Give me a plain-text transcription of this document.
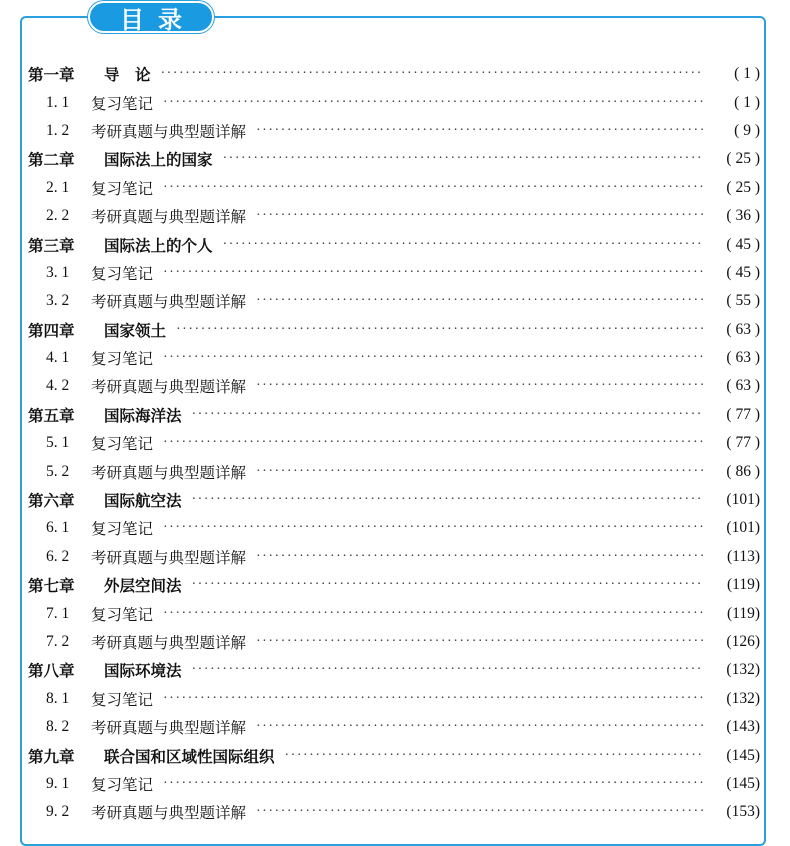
目录
第一章	导　论 ·····	( 1 )
1. 1	复习笔记 ·····	( 1 )
1. 2	考研真题与典型题详解 ·····	( 9 )
第二章	国际法上的国家 ·····	( 25 )
2. 1	复习笔记 ·····	( 25 )
2. 2	考研真题与典型题详解 ·····	( 36 )
第三章	国际法上的个人 ·····	( 45 )
3. 1	复习笔记 ·····	( 45 )
3. 2	考研真题与典型题详解 ·····	( 55 )
第四章	国家领土 ·····	( 63 )
4. 1	复习笔记 ·····	( 63 )
4. 2	考研真题与典型题详解 ·····	( 63 )
第五章	国际海洋法 ·····	( 77 )
5. 1	复习笔记 ·····	( 77 )
5. 2	考研真题与典型题详解 ·····	( 86 )
第六章	国际航空法 ·····	(101)
6. 1	复习笔记 ·····	(101)
6. 2	考研真题与典型题详解 ·····	(113)
第七章	外层空间法 ·····	(119)
7. 1	复习笔记 ·····	(119)
7. 2	考研真题与典型题详解 ·····	(126)
第八章	国际环境法 ·····	(132)
8. 1	复习笔记 ·····	(132)
8. 2	考研真题与典型题详解 ·····	(143)
第九章	联合国和区域性国际组织 ·····	(145)
9. 1	复习笔记 ·····	(145)
9. 2	考研真题与典型题详解 ·····	(153)
